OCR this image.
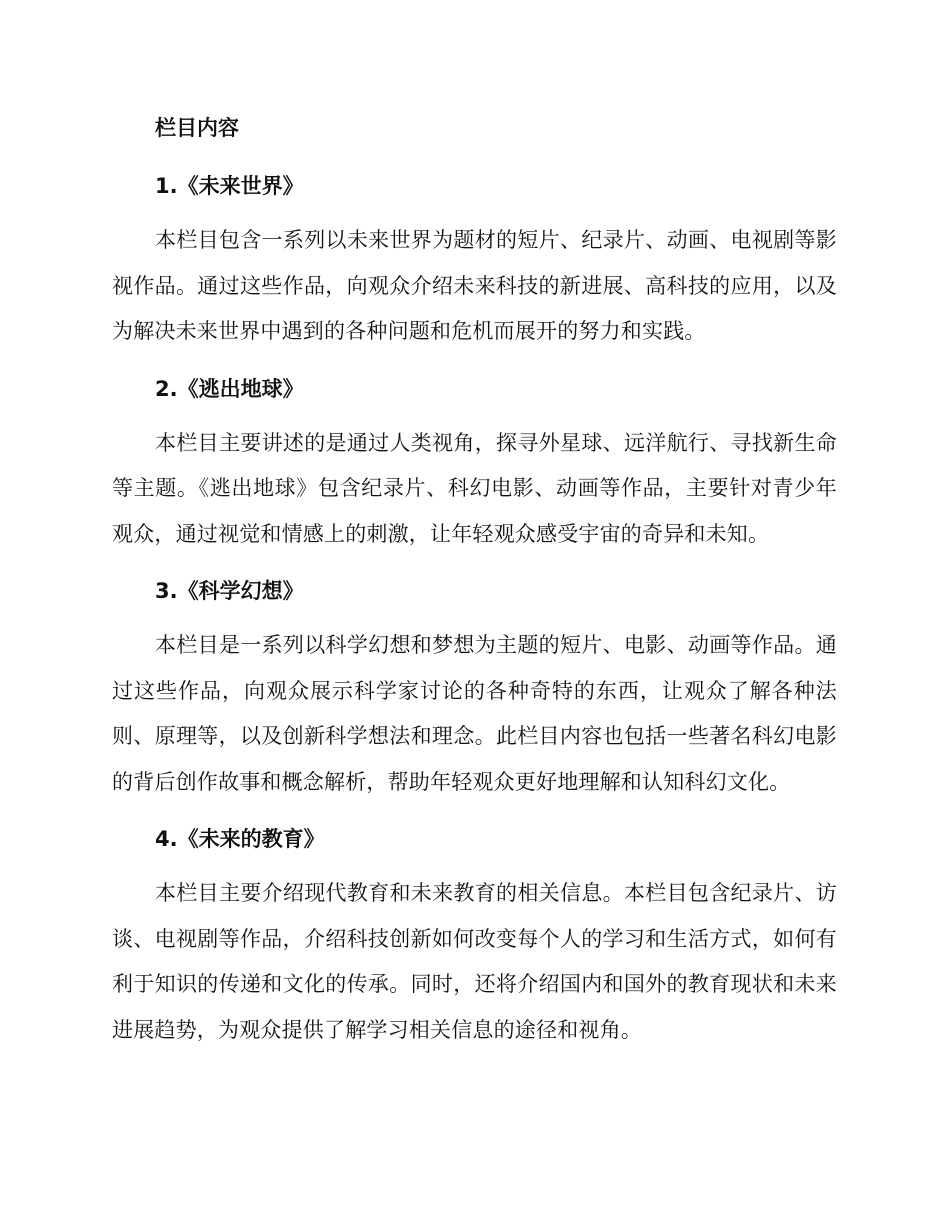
栏目内容
1.《未来世界》

本栏目包含一系列以未来世界为题材的短片、纪录片、动画、电视剧等影视作品。通过这些作品，向观众介绍未来科技的新进展、高科技的应用，以及为解决未来世界中遇到的各种问题和危机而展开的努力和实践。

2.《逃出地球》

本栏目主要讲述的是通过人类视角，探寻外星球、远洋航行、寻找新生命等主题。《逃出地球》包含纪录片、科幻电影、动画等作品，主要针对青少年观众，通过视觉和情感上的刺激，让年轻观众感受宇宙的奇异和未知。

3.《科学幻想》

本栏目是一系列以科学幻想和梦想为主题的短片、电影、动画等作品。通过这些作品，向观众展示科学家讨论的各种奇特的东西，让观众了解各种法则、原理等，以及创新科学想法和理念。此栏目内容也包括一些著名科幻电影的背后创作故事和概念解析，帮助年轻观众更好地理解和认知科幻文化。

4.《未来的教育》

本栏目主要介绍现代教育和未来教育的相关信息。本栏目包含纪录片、访谈、电视剧等作品，介绍科技创新如何改变每个人的学习和生活方式，如何有利于知识的传递和文化的传承。同时，还将介绍国内和国外的教育现状和未来进展趋势，为观众提供了解学习相关信息的途径和视角。
